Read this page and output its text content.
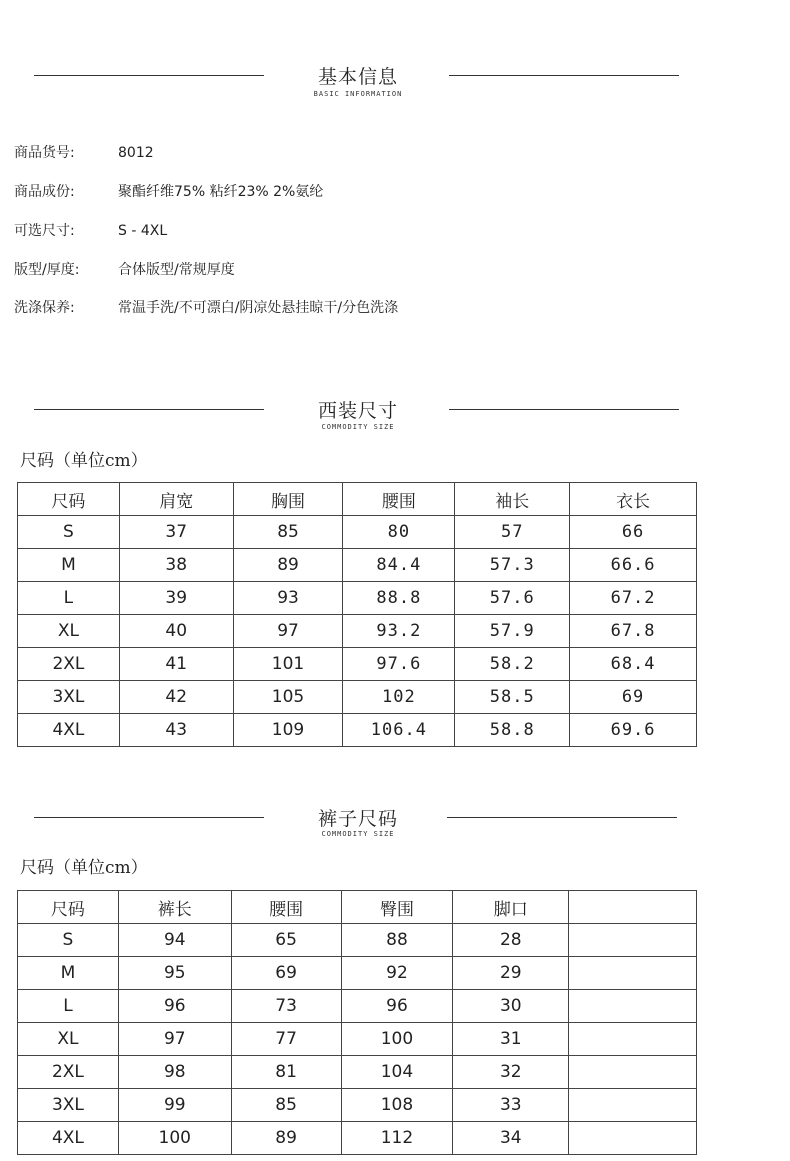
基本信息
BASIC INFORMATION
商品货号:	8012
商品成份:	聚酯纤维75% 粘纤23% 2%氨纶
可选尺寸:	S - 4XL
版型/厚度:	合体版型/常规厚度
洗涤保养:	常温手洗/不可漂白/阴凉处悬挂晾干/分色洗涤
西装尺寸
COMMODITY SIZE
尺码（单位cm）
尺码	肩宽	胸围	腰围	袖长	衣长
S	37	85	80	57	66
M	38	89	84.4	57.3	66.6
L	39	93	88.8	57.6	67.2
XL	40	97	93.2	57.9	67.8
2XL	41	101	97.6	58.2	68.4
3XL	42	105	102	58.5	69
4XL	43	109	106.4	58.8	69.6
裤子尺码
COMMODITY SIZE
尺码（单位cm）
尺码	裤长	腰围	臀围	脚口	
S	94	65	88	28	
M	95	69	92	29	
L	96	73	96	30	
XL	97	77	100	31	
2XL	98	81	104	32	
3XL	99	85	108	33	
4XL	100	89	112	34	
